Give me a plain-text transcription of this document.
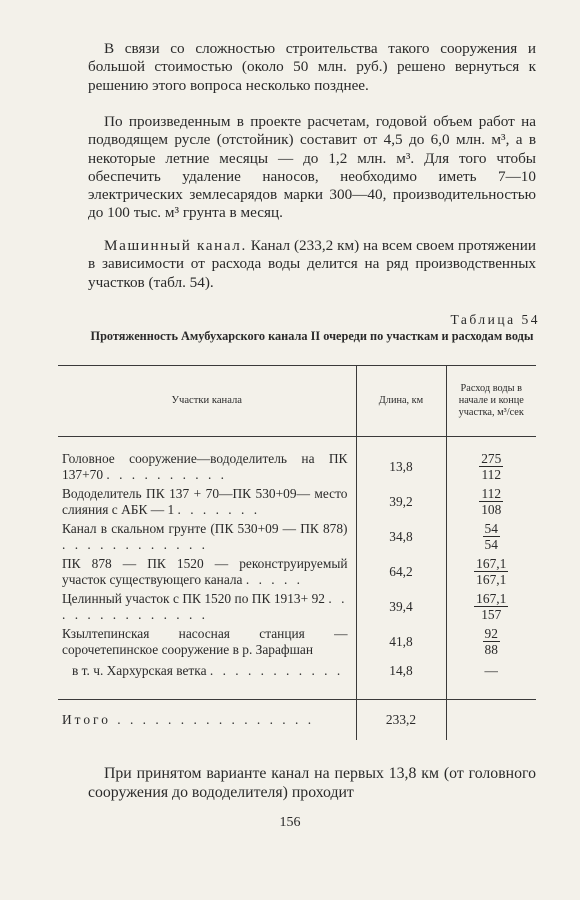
В связи со сложностью строительства такого сооружения и большой стоимостью (около 50 млн. руб.) решено вернуться к решению этого вопроса несколько позднее.

По произведенным в проекте расчетам, годовой объем работ на подводящем русле (отстойник) составит от 4,5 до 6,0 млн. м³, а в некоторые летние месяцы — до 1,2 млн. м³. Для того чтобы обеспечить удаление наносов, необходимо иметь 7—10 электрических землесарядов марки 300—40, производительностью до 100 тыс. м³ грунта в месяц.

Машинный канал. Канал (233,2 км) на всем своем протяжении в зависимости от расхода воды делится на ряд производственных участков (табл. 54).

Таблица 54
Протяженность Амубухарского канала II очереди по участкам и расходам воды
Участки канала	Длина, км	Расход воды в начале и конце участка, м³/сек

Головное сооружение—вододелитель на ПК 137+70 . . . . . . . . . .	13,8	$\frac{275}{112}$

Вододелитель ПК 137 + 70—ПК 530+09— место слияния с АБК — 1 . . . . . . .	39,2	$\frac{112}{108}$

Канал в скальном грунте (ПК 530+09 — ПК 878) . . . . . . . . . . . .	34,8	$\frac{54}{54}$

ПК 878 — ПК 1520 — реконструируемый участок существующего канала . . . . .	64,2	$\frac{167,1}{167,1}$

Целинный участок с ПК 1520 по ПК 1913+ 92 . . . . . . . . . . . . . .	39,4	$\frac{167,1}{157}$

Кзылтепинская насосная станция — сорочетепинское сооружение в р. Зарафшан	41,8	$\frac{92}{88}$

в т. ч. Хархурская ветка . . . . . . . . . . .	14,8	—

Итого . . . . . . . . . . . . . . . .	233,2	

При принятом варианте канал на первых 13,8 км (от головного сооружения до вододелителя) проходит

156
